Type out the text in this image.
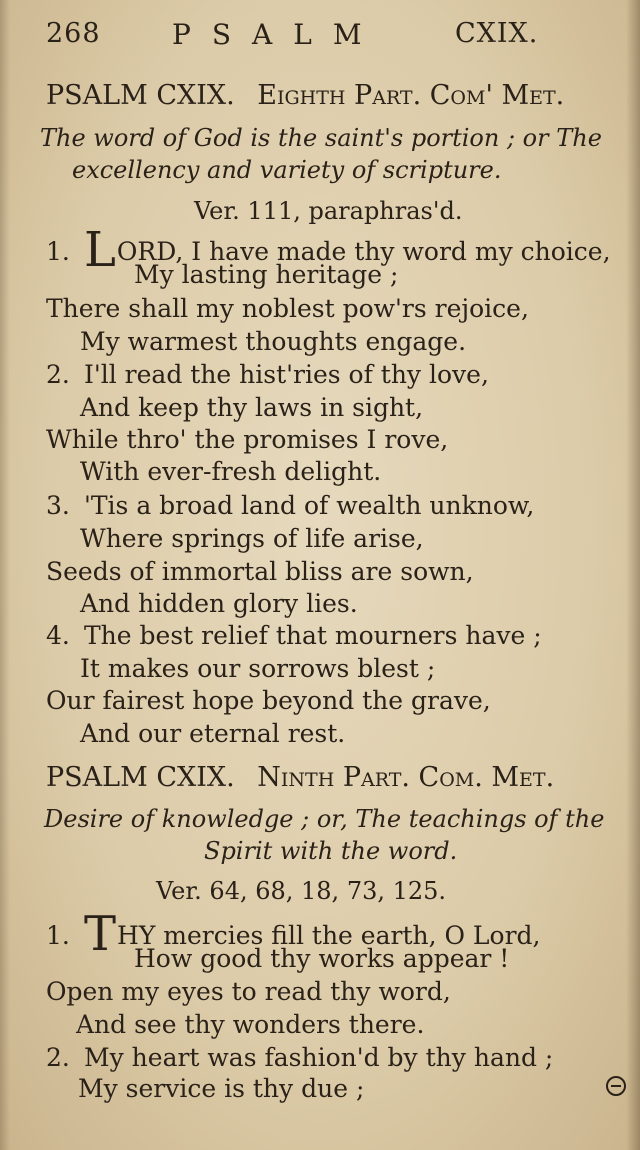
268	PSALM	CXIX.
PSALM CXIX. Eighth Part. Com' Met.
The word of God is the saint's portion ; or The
excellency and variety of scripture.
Ver. 111, paraphras'd.
1. LORD, I have made thy word my choice,
My lasting heritage ;
There shall my noblest pow'rs rejoice,
My warmest thoughts engage.
2. I'll read the hist'ries of thy love,
And keep thy laws in sight,
While thro' the promises I rove,
With ever-fresh delight.
3. 'Tis a broad land of wealth unknow,
Where springs of life arise,
Seeds of immortal bliss are sown,
And hidden glory lies.
4. The best relief that mourners have ;
It makes our sorrows blest ;
Our fairest hope beyond the grave,
And our eternal rest.
PSALM CXIX. Ninth Part. Com. Met.
Desire of knowledge ; or, The teachings of the
Spirit with the word.
Ver. 64, 68, 18, 73, 125.
1. THY mercies fill the earth, O Lord,
How good thy works appear !
Open my eyes to read thy word,
And see thy wonders there.
2. My heart was fashion'd by thy hand ;
My service is thy due ;
